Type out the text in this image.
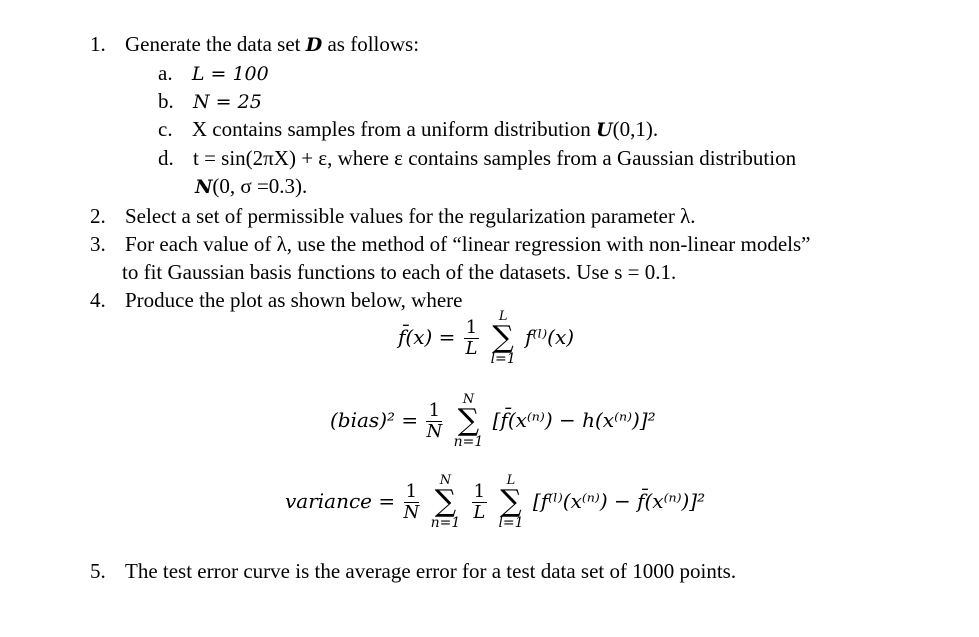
1. Generate the data set D as follows:
a. L = 100
b. N = 25
c. X contains samples from a uniform distribution U(0,1).
d. t = sin(2πX) + ε, where ε contains samples from a Gaussian distribution
N(0, σ =0.3).
2. Select a set of permissible values for the regularization parameter λ.
3. For each value of λ, use the method of “linear regression with non-linear models”
to fit Gaussian basis functions to each of the datasets. Use s = 0.1.
4. Produce the plot as shown below, where
f̄(x) = $\frac{1}{L}$

L
∑
l=1
f⁽ˡ⁾(x)
(bias)² = $\frac{1}{N}$

N
∑
n=1
[f̄(x⁽ⁿ⁾) − h(x⁽ⁿ⁾)]²
variance = $\frac{1}{N}$

N
∑
n=1
$\frac{1}{L}$

L
∑
l=1
[f⁽ˡ⁾(x⁽ⁿ⁾) − f̄(x⁽ⁿ⁾)]²
5. The test error curve is the average error for a test data set of 1000 points.
